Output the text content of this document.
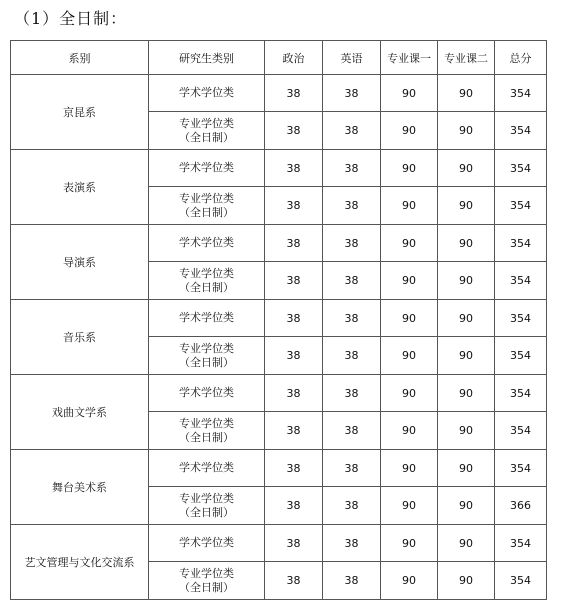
（1）全日制：
系别	研究生类别	政治	英语	专业课一	专业课二	总分
京昆系	学术学位类	38	38	90	90	354

	专业学位类
（全日制）	38	38	90	90	354
表演系	学术学位类	38	38	90	90	354

	专业学位类
（全日制）	38	38	90	90	354
导演系	学术学位类	38	38	90	90	354

	专业学位类
（全日制）	38	38	90	90	354
音乐系	学术学位类	38	38	90	90	354

	专业学位类
（全日制）	38	38	90	90	354
戏曲文学系	学术学位类	38	38	90	90	354

	专业学位类
（全日制）	38	38	90	90	354
舞台美术系	学术学位类	38	38	90	90	354

	专业学位类
（全日制）	38	38	90	90	366
艺文管理与文化交流系	学术学位类	38	38	90	90	354

	专业学位类
（全日制）	38	38	90	90	354
